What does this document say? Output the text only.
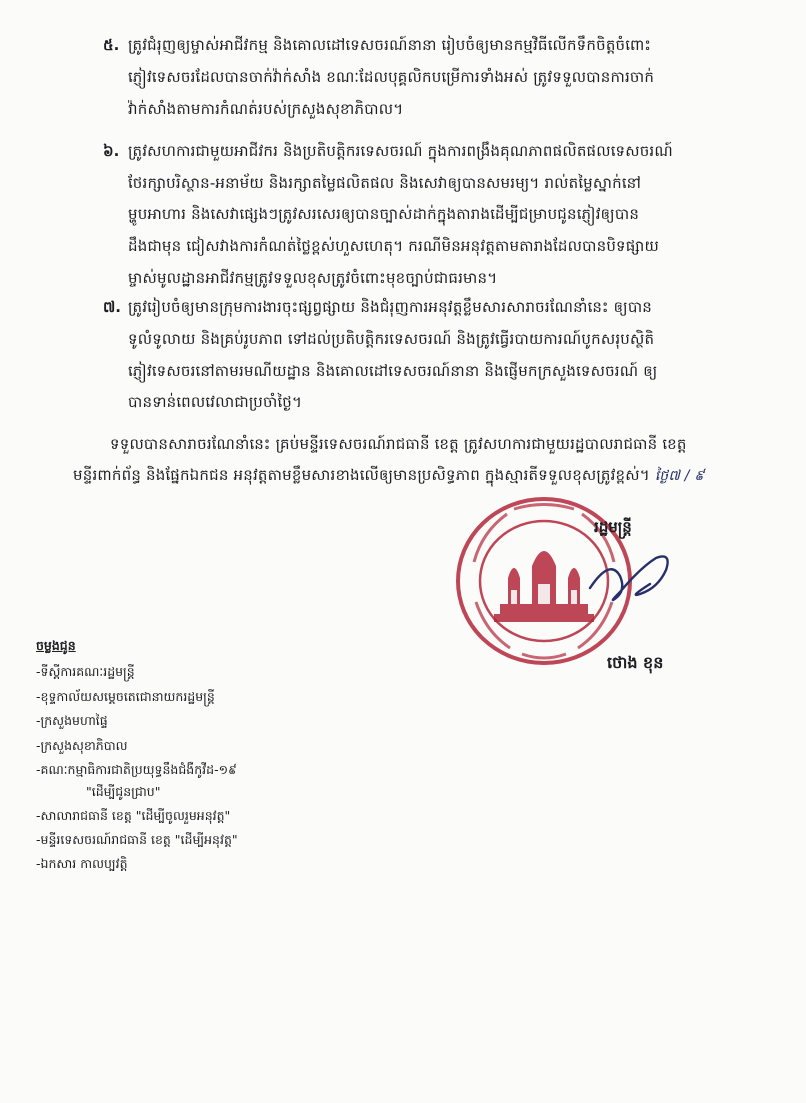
៥. ត្រូវជំរុញឲ្យម្ចាស់អាជីវកម្ម និងគោលដៅទេសចរណ៍នានា រៀបចំឲ្យមានកម្មវិធីលើកទឹកចិត្តចំពោះ
ភ្ញៀវទេសចរដែលបានចាក់វ៉ាក់សាំង ខណៈដែលបុគ្គលិកបម្រើការទាំងអស់ ត្រូវទទួលបានការចាក់
វ៉ាក់សាំងតាមការកំណត់របស់ក្រសួងសុខាភិបាល។
៦. ត្រូវសហការជាមួយអាជីវករ និងប្រតិបត្តិករទេសចរណ៍ ក្នុងការពង្រឹងគុណភាពផលិតផលទេសចរណ៍
ថែរក្សាបរិស្ថាន-អនាម័យ និងរក្សាតម្លៃផលិតផល និងសេវាឲ្យបានសមរម្យ។ រាល់តម្លៃស្នាក់នៅ
ម្ហូបអាហារ និងសេវាផ្សេងៗត្រូវសរសេរឲ្យបានច្បាស់ដាក់ក្នុងតារាងដើម្បីជម្រាបជូនភ្ញៀវឲ្យបាន
ដឹងជាមុន ជៀសវាងការកំណត់ថ្លៃខ្ពស់ហួសហេតុ។ ករណីមិនអនុវត្តតាមតារាងដែលបានបិទផ្សាយ
ម្ចាស់មូលដ្ឋានអាជីវកម្មត្រូវទទួលខុសត្រូវចំពោះមុខច្បាប់ជាធរមាន។
៧. ត្រូវរៀបចំឲ្យមានក្រុមការងារចុះផ្សព្វផ្សាយ និងជំរុញការអនុវត្តខ្លឹមសារសារាចរណែនាំនេះ ឲ្យបាន
ទូលំទូលាយ និងគ្រប់រូបភាព ទៅដល់ប្រតិបត្តិករទេសចរណ៍ និងត្រូវធ្វើរបាយការណ៍បូកសរុបស្ថិតិ
ភ្ញៀវទេសចរនៅតាមរមណីយដ្ឋាន និងគោលដៅទេសចរណ៍នានា និងផ្ញើមកក្រសួងទេសចរណ៍ ឲ្យ
បានទាន់ពេលវេលាជាប្រចាំថ្ងៃ។
ទទួលបានសារាចរណែនាំនេះ គ្រប់មន្ទីរទេសចរណ៍រាជធានី ខេត្ត ត្រូវសហការជាមួយរដ្ឋបាលរាជធានី ខេត្ត
មន្ទីរពាក់ព័ន្ធ និងផ្នែកឯកជន អនុវត្តតាមខ្លឹមសារខាងលើឲ្យមានប្រសិទ្ធភាព ក្នុងស្មារតីទទួលខុសត្រូវខ្ពស់។ ថ្ងៃ៧ / ៩
រដ្ឋមន្ត្រី
ថោង ខុន
ចម្លងជូន
-ទីស្ដីការគណៈរដ្ឋមន្ត្រី
-ខុទ្ទកាល័យសម្ដេចតេជោនាយករដ្ឋមន្ត្រី
-ក្រសួងមហាផ្ទៃ
-ក្រសួងសុខាភិបាល
-គណៈកម្មាធិការជាតិប្រយុទ្ធនឹងជំងឺកូវីដ-១៩
"ដើម្បីជូនជ្រាប"
-សាលារាជធានី ខេត្ត "ដើម្បីចូលរួមអនុវត្ត"
-មន្ទីរទេសចរណ៍រាជធានី ខេត្ត "ដើម្បីអនុវត្ត"
-ឯកសារ កាលប្បវត្តិ
